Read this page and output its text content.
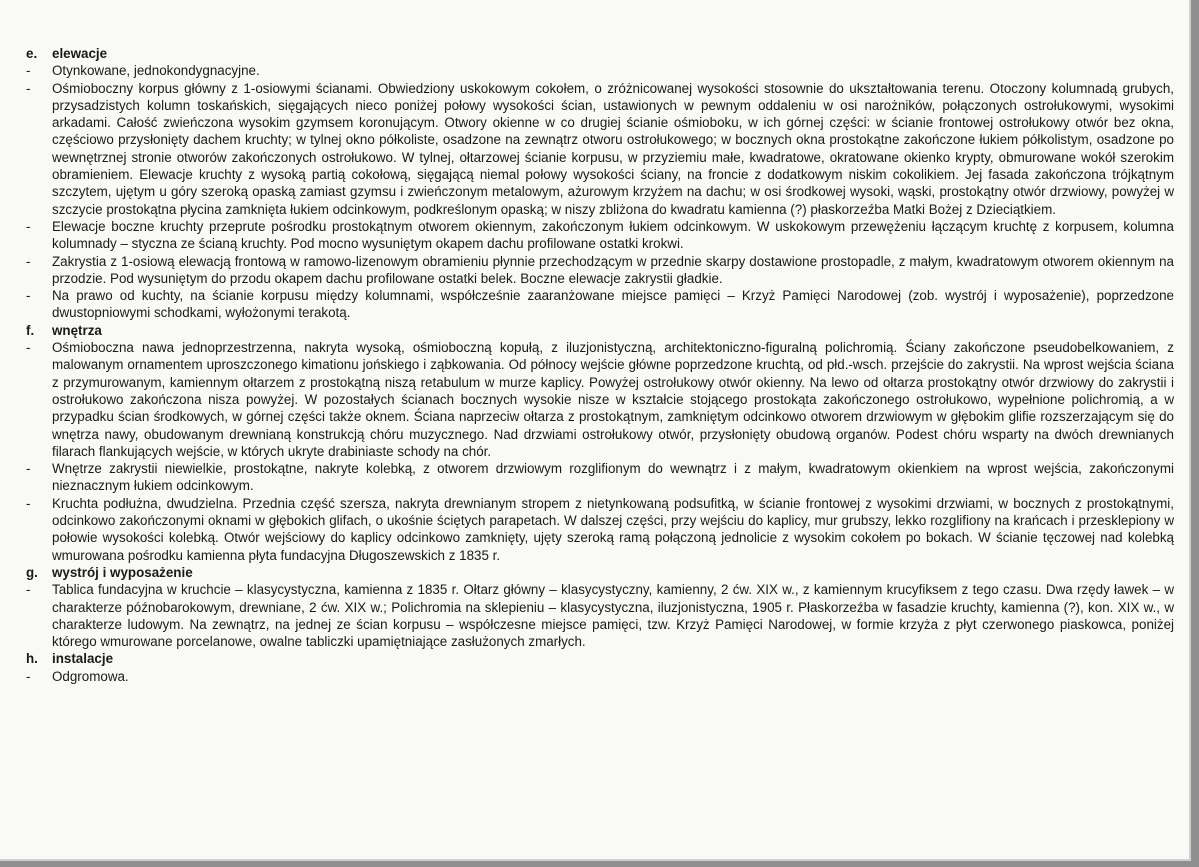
e.	elewacje
-	Otynkowane, jednokondygnacyjne.
-	Ośmioboczny korpus główny z 1-osiowymi ścianami. Obwiedziony uskokowym cokołem, o zróżnicowanej wysokości stosownie do ukształtowania terenu. Otoczony kolumnadą grubych, przysadzistych kolumn toskańskich, sięgających nieco poniżej połowy wysokości ścian, ustawionych w pewnym oddaleniu w osi narożników, połączonych ostrołukowymi, wysokimi arkadami. Całość zwieńczona wysokim gzymsem koronującym. Otwory okienne w co drugiej ścianie ośmioboku, w ich górnej części: w ścianie frontowej ostrołukowy otwór bez okna, częściowo przysłonięty dachem kruchty; w tylnej okno półkoliste, osadzone na zewnątrz otworu ostrołukowego; w bocznych okna prostokątne zakończone łukiem półkolistym, osadzone po wewnętrznej stronie otworów zakończonych ostrołukowo. W tylnej, ołtarzowej ścianie korpusu, w przyziemiu małe, kwadratowe, okratowane okienko krypty, obmurowane wokół szerokim obramieniem. Elewacje kruchty z wysoką partią cokołową, sięgającą niemal połowy wysokości ściany, na froncie z dodatkowym niskim cokolikiem. Jej fasada zakończona trójkątnym szczytem, ujętym u góry szeroką opaską zamiast gzymsu i zwieńczonym metalowym, ażurowym krzyżem na dachu; w osi środkowej wysoki, wąski, prostokątny otwór drzwiowy, powyżej w szczycie prostokątna płycina zamknięta łukiem odcinkowym, podkreślonym opaską; w niszy zbliżona do kwadratu kamienna (?) płaskorzeźba Matki Bożej z Dzieciątkiem.
-	Elewacje boczne kruchty przeprute pośrodku prostokątnym otworem okiennym, zakończonym łukiem odcinkowym. W uskokowym przewężeniu łączącym kruchtę z korpusem, kolumna kolumnady – styczna ze ścianą kruchty. Pod mocno wysuniętym okapem dachu profilowane ostatki krokwi.
-	Zakrystia z 1-osiową elewacją frontową w ramowo-lizenowym obramieniu płynnie przechodzącym w przednie skarpy dostawione prostopadle, z małym, kwadratowym otworem okiennym na przodzie. Pod wysuniętym do przodu okapem dachu profilowane ostatki belek. Boczne elewacje zakrystii gładkie.
-	Na prawo od kuchty, na ścianie korpusu między kolumnami, współcześnie zaaranżowane miejsce pamięci – Krzyż Pamięci Narodowej (zob. wystrój i wyposażenie), poprzedzone dwustopniowymi schodkami, wyłożonymi terakotą.
f.	wnętrza
-	Ośmioboczna nawa jednoprzestrzenna, nakryta wysoką, ośmioboczną kopułą, z iluzjonistyczną, architektoniczno-figuralną polichromią. Ściany zakończone pseudobelkowaniem, z malowanym ornamentem uproszczonego kimationu jońskiego i ząbkowania. Od północy wejście główne poprzedzone kruchtą, od płd.-wsch. przejście do zakrystii. Na wprost wejścia ściana z przymurowanym, kamiennym ołtarzem z prostokątną niszą retabulum w murze kaplicy. Powyżej ostrołukowy otwór okienny. Na lewo od ołtarza prostokątny otwór drzwiowy do zakrystii i ostrołukowo zakończona nisza powyżej. W pozostałych ścianach bocznych wysokie nisze w kształcie stojącego prostokąta zakończonego ostrołukowo, wypełnione polichromią, a w przypadku ścian środkowych, w górnej części także oknem. Ściana naprzeciw ołtarza z prostokątnym, zamkniętym odcinkowo otworem drzwiowym w głębokim glifie rozszerzającym się do wnętrza nawy, obudowanym drewnianą konstrukcją chóru muzycznego. Nad drzwiami ostrołukowy otwór, przysłonięty obudową organów. Podest chóru wsparty na dwóch drewnianych filarach flankujących wejście, w których ukryte drabiniaste schody na chór.
-	Wnętrze zakrystii niewielkie, prostokątne, nakryte kolebką, z otworem drzwiowym rozglifionym do wewnątrz i z małym, kwadratowym okienkiem na wprost wejścia, zakończonymi nieznacznym łukiem odcinkowym.
-	Kruchta podłużna, dwudzielna. Przednia część szersza, nakryta drewnianym stropem z nietynkowaną podsufitką, w ścianie frontowej z wysokimi drzwiami, w bocznych z prostokątnymi, odcinkowo zakończonymi oknami w głębokich glifach, o ukośnie ściętych parapetach. W dalszej części, przy wejściu do kaplicy, mur grubszy, lekko rozglifiony na krańcach i przesklepiony w połowie wysokości kolebką. Otwór wejściowy do kaplicy odcinkowo zamknięty, ujęty szeroką ramą połączoną jednolicie z wysokim cokołem po bokach. W ścianie tęczowej nad kolebką wmurowana pośrodku kamienna płyta fundacyjna Długoszewskich z 1835 r.
g.	wystrój i wyposażenie
-	Tablica fundacyjna w kruchcie – klasycystyczna, kamienna z 1835 r. Ołtarz główny – klasycystyczny, kamienny, 2 ćw. XIX w., z kamiennym krucyfiksem z tego czasu. Dwa rzędy ławek – w charakterze późnobarokowym, drewniane, 2 ćw. XIX w.; Polichromia na sklepieniu – klasycystyczna, iluzjonistyczna, 1905 r. Płaskorzeźba w fasadzie kruchty, kamienna (?), kon. XIX w., w charakterze ludowym. Na zewnątrz, na jednej ze ścian korpusu – współczesne miejsce pamięci, tzw. Krzyż Pamięci Narodowej, w formie krzyża z płyt czerwonego piaskowca, poniżej którego wmurowane porcelanowe, owalne tabliczki upamiętniające zasłużonych zmarłych.
h.	instalacje
-	Odgromowa.
